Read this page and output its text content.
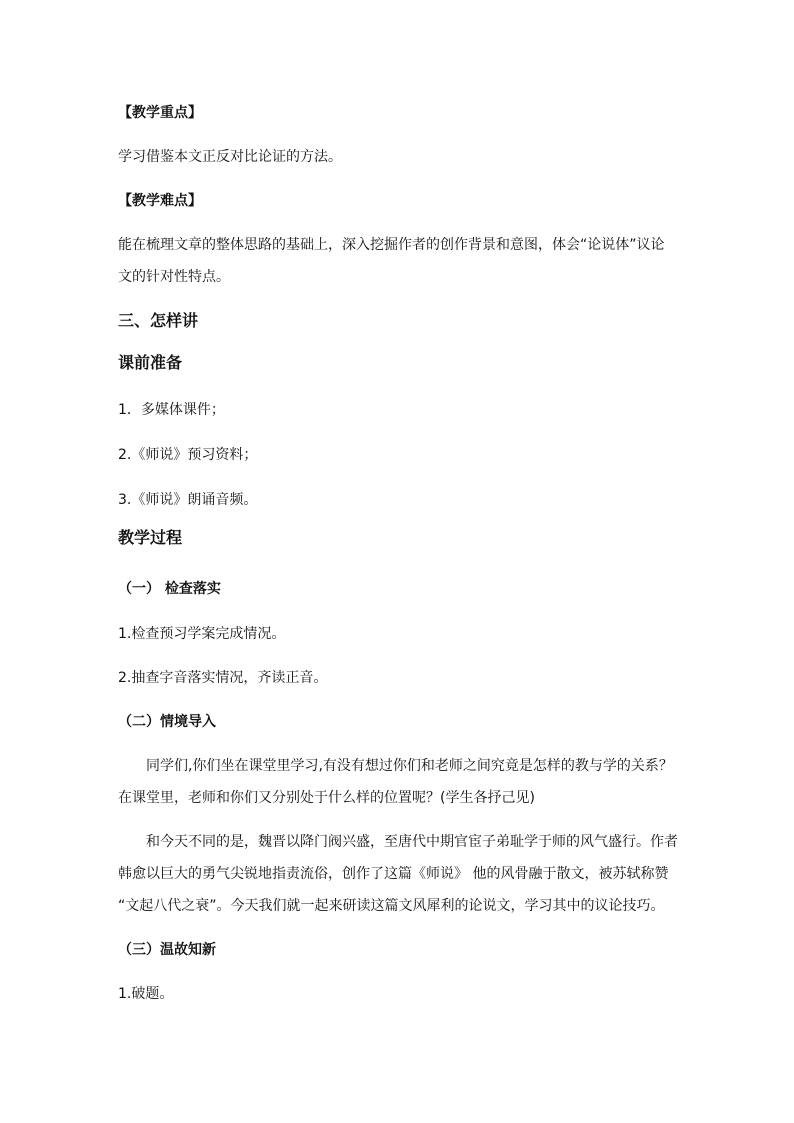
【教学重点】
学习借鉴本文正反对比论证的方法。
【教学难点】
能在梳理文章的整体思路的基础上，深入挖掘作者的创作背景和意图，体会“论说体”议论
文的针对性特点。
三、怎样讲
课前准备
1．多媒体课件；
2.《师说》预习资料；
3.《师说》朗诵音频。
教学过程
（一） 检查落实
1.检查预习学案完成情况。
2.抽查字音落实情况，齐读正音。
（二）情境导入
同学们,你们坐在课堂里学习,有没有想过你们和老师之间究竟是怎样的教与学的关系？
在课堂里，老师和你们又分别处于什么样的位置呢？(学生各抒己见)
和今天不同的是，魏晋以降门阀兴盛，至唐代中期官宦子弟耻学于师的风气盛行。作者
韩愈以巨大的勇气尖锐地指责流俗，创作了这篇《师说》 他的风骨融于散文，被苏轼称赞
“文起八代之衰”。今天我们就一起来研读这篇文风犀利的论说文，学习其中的议论技巧。
（三）温故知新
1.破题。
